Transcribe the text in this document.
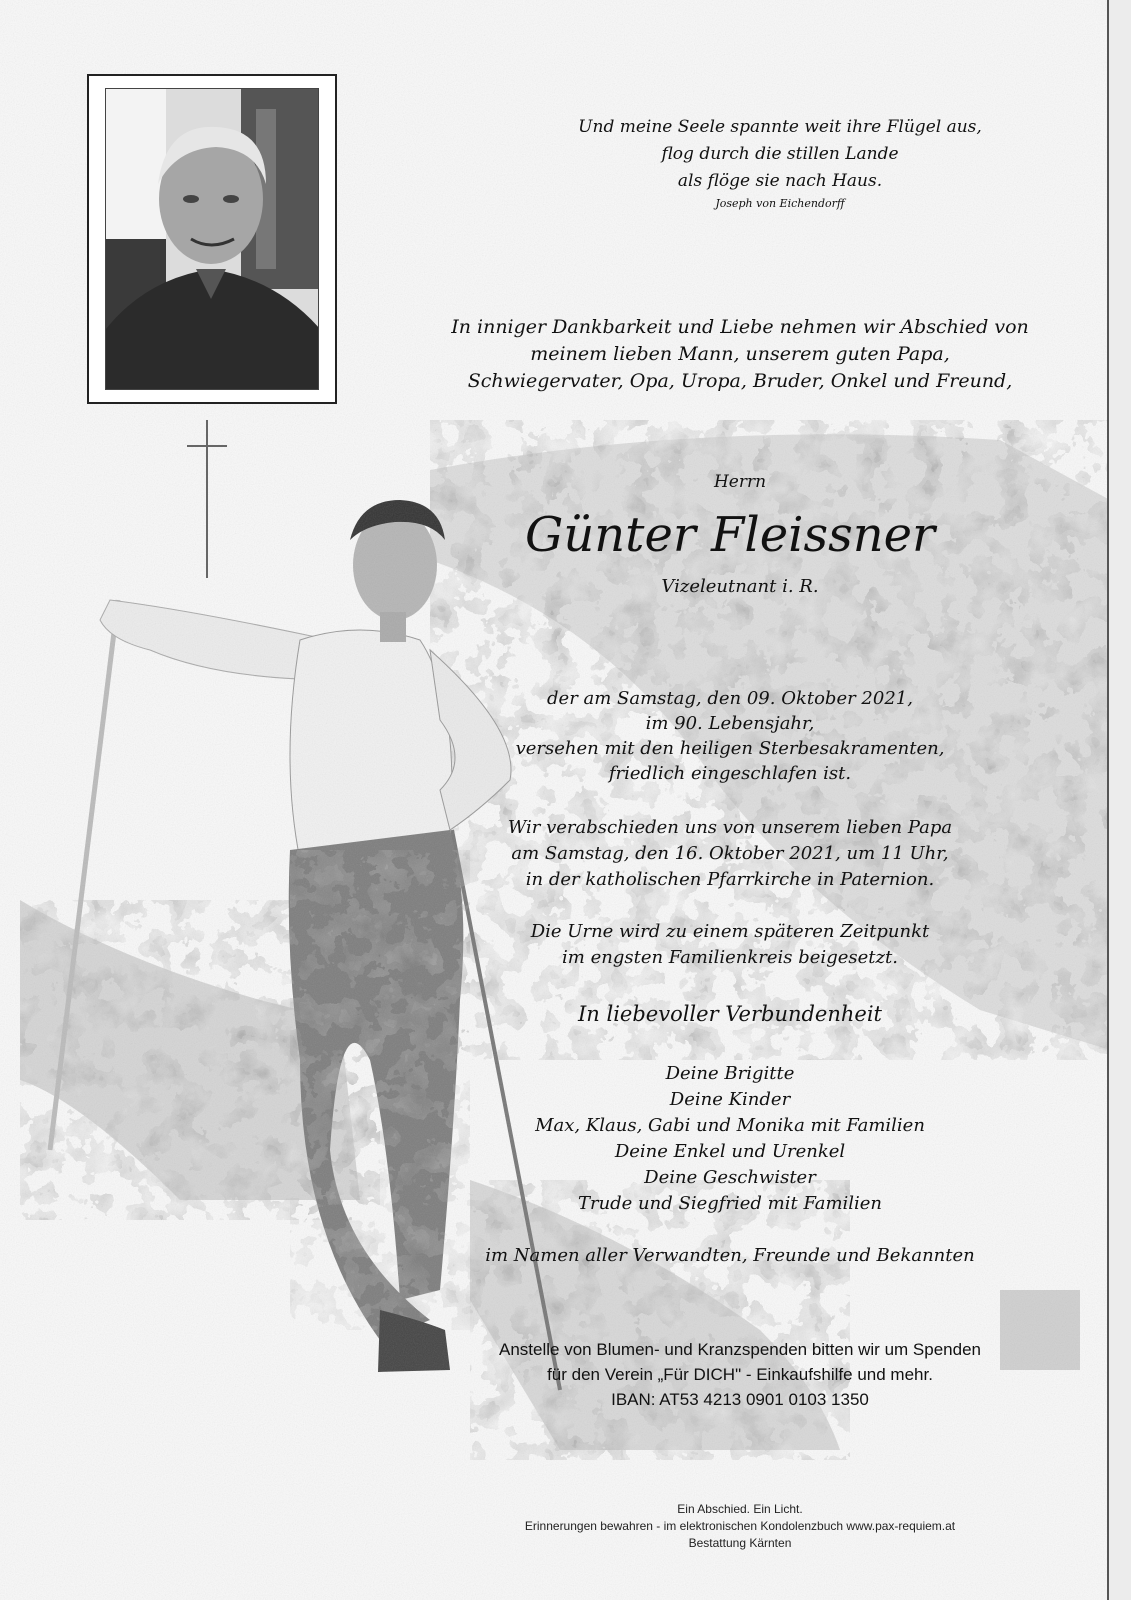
Und meine Seele spannte weit ihre Flügel aus,
flog durch die stillen Lande
als flöge sie nach Haus.
Joseph von Eichendorff
In inniger Dankbarkeit und Liebe nehmen wir Abschied von
meinem lieben Mann, unserem guten Papa,
Schwiegervater, Opa, Uropa, Bruder, Onkel und Freund,
Herrn
Günter Fleissner
Vizeleutnant i. R.
der am Samstag, den 09. Oktober 2021,
im 90. Lebensjahr,
versehen mit den heiligen Sterbesakramenten,
friedlich eingeschlafen ist.
Wir verabschieden uns von unserem lieben Papa
am Samstag, den 16. Oktober 2021, um 11 Uhr,
in der katholischen Pfarrkirche in Paternion.
Die Urne wird zu einem späteren Zeitpunkt
im engsten Familienkreis beigesetzt.
In liebevoller Verbundenheit
Deine Brigitte
Deine Kinder
Max, Klaus, Gabi und Monika mit Familien
Deine Enkel und Urenkel
Deine Geschwister
Trude und Siegfried mit Familien
im Namen aller Verwandten, Freunde und Bekannten
Anstelle von Blumen- und Kranzspenden bitten wir um Spenden
für den Verein „Für DICH" - Einkaufshilfe und mehr.
IBAN: AT53 4213 0901 0103 1350
Ein Abschied. Ein Licht.
Erinnerungen bewahren - im elektronischen Kondolenzbuch www.pax-requiem.at
Bestattung Kärnten
